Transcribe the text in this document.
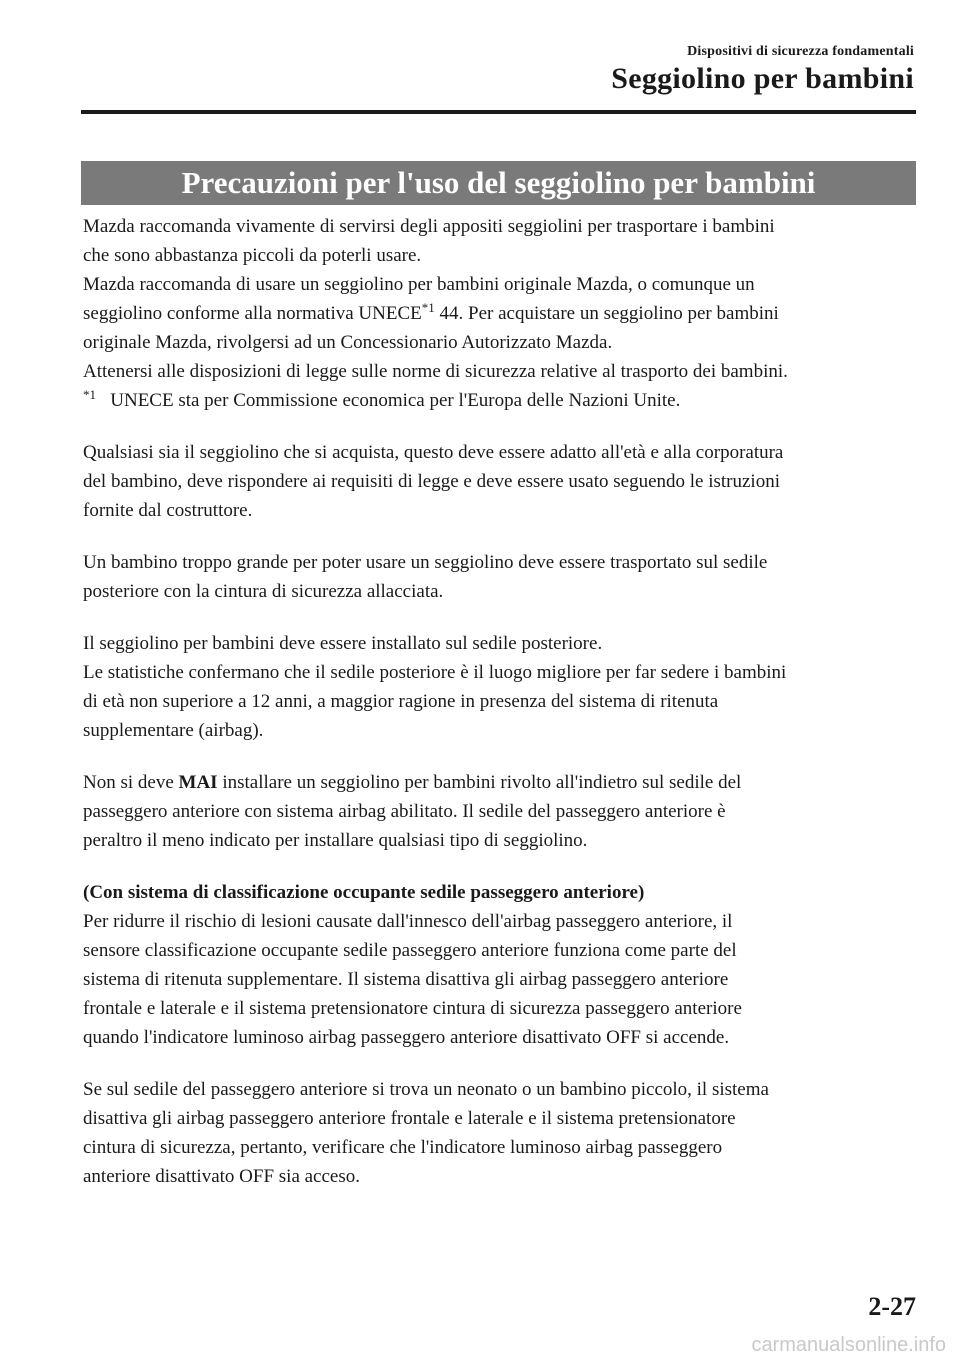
Dispositivi di sicurezza fondamentali
Seggiolino per bambini
Precauzioni per l'uso del seggiolino per bambini

Mazda raccomanda vivamente di servirsi degli appositi seggiolini per trasportare i bambini

che sono abbastanza piccoli da poterli usare.

Mazda raccomanda di usare un seggiolino per bambini originale Mazda, o comunque un

seggiolino conforme alla normativa UNECE$^{*1}$ 44. Per acquistare un seggiolino per bambini

originale Mazda, rivolgersi ad un Concessionario Autorizzato Mazda.

Attenersi alle disposizioni di legge sulle norme di sicurezza relative al trasporto dei bambini.

$^{*1}$   UNECE sta per Commissione economica per l'Europa delle Nazioni Unite.

Qualsiasi sia il seggiolino che si acquista, questo deve essere adatto all'età e alla corporatura

del bambino, deve rispondere ai requisiti di legge e deve essere usato seguendo le istruzioni

fornite dal costruttore.

Un bambino troppo grande per poter usare un seggiolino deve essere trasportato sul sedile

posteriore con la cintura di sicurezza allacciata.

Il seggiolino per bambini deve essere installato sul sedile posteriore.

Le statistiche confermano che il sedile posteriore è il luogo migliore per far sedere i bambini

di età non superiore a 12 anni, a maggior ragione in presenza del sistema di ritenuta

supplementare (airbag).

Non si deve MAI installare un seggiolino per bambini rivolto all'indietro sul sedile del

passeggero anteriore con sistema airbag abilitato. Il sedile del passeggero anteriore è

peraltro il meno indicato per installare qualsiasi tipo di seggiolino.

(Con sistema di classificazione occupante sedile passeggero anteriore)

Per ridurre il rischio di lesioni causate dall'innesco dell'airbag passeggero anteriore, il

sensore classificazione occupante sedile passeggero anteriore funziona come parte del

sistema di ritenuta supplementare. Il sistema disattiva gli airbag passeggero anteriore

frontale e laterale e il sistema pretensionatore cintura di sicurezza passeggero anteriore

quando l'indicatore luminoso airbag passeggero anteriore disattivato OFF si accende.

Se sul sedile del passeggero anteriore si trova un neonato o un bambino piccolo, il sistema

disattiva gli airbag passeggero anteriore frontale e laterale e il sistema pretensionatore

cintura di sicurezza, pertanto, verificare che l'indicatore luminoso airbag passeggero

anteriore disattivato OFF sia acceso.

2-27
carmanualsonline.info
